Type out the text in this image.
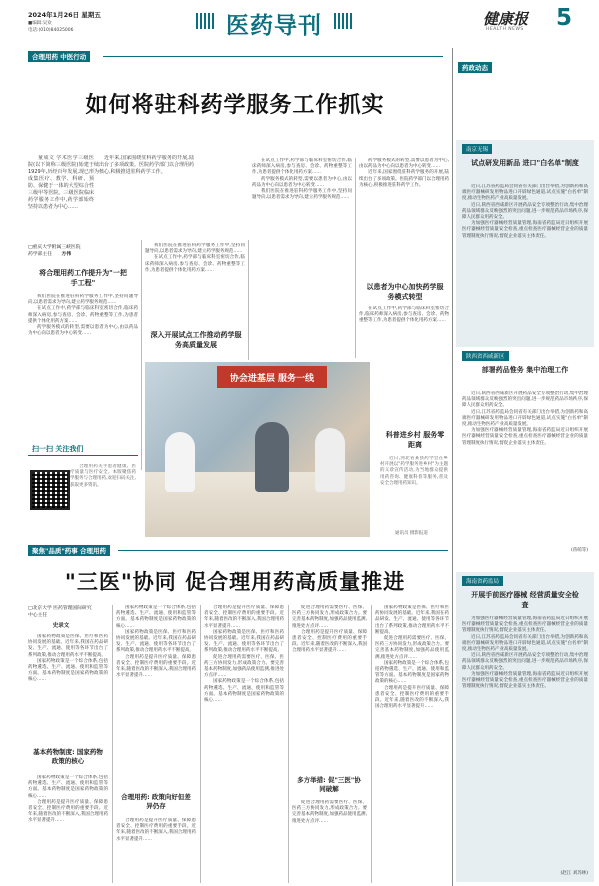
2024年1月26日 星期五
■编辑:吴欢
电话:(010)84025006	医药导刊	健康报
HEALTH NEWS 5
合理用药 中医行动
如何将驻科药学服务工作抓实

童成文 学术医学三级医院(以下简称三级医院)始建于1929年,历经百年发展,现已形成集医疗、教学、科研、预防、保健于一体的大型综合性三级甲等医院。三级医院临床药学服务工作中,药学部始终坚持以患者为中心……

近年来,国家围绕驻科药学服务的开展,陆续出台了多项政策。医院药学部门以合理用药为核心,积极推进驻科药学工作。

□重庆大学附属三峡医院
药学部主任 方伟
将合理用药工作提升为"一把手工程"

我们医院在推进驻科药学服务工作中,坚持问题导向,以患者需求为导向,建立药学服务规范……

在试点工作中,药学部与临床科室密切合作,临床药师深入病房,参与查房、会诊、药物重整等工作,为患者提供个体化用药方案……

药学服务模式的转型,需要以患者为中心,由以药品为中心向以患者为中心转变……

扫一扫 关注我们

合理用药关乎患者健康、医疗质量与医疗安全。本版聚焦药学服务与合理用药,欢迎扫码关注,获取更多资讯。

我们医院在推进驻科药学服务工作中,坚持问题导向,以患者需求为导向,建立药学服务规范……

在试点工作中,药学部与临床科室密切合作,临床药师深入病房,参与查房、会诊、药物重整等工作,为患者提供个体化用药方案……

深入开展试点工作推动药学服务高质量发展

在试点工作中,药学部与临床科室密切合作,临床药师深入病房,参与查房、会诊、药物重整等工作,为患者提供个体化用药方案……

药学服务模式的转型,需要以患者为中心,由以药品为中心向以患者为中心转变……

我们医院在推进驻科药学服务工作中,坚持问题导向,以患者需求为导向,建立药学服务规范……

药学服务模式的转型,需要以患者为中心,由以药品为中心向以患者为中心转变……

近年来,国家围绕驻科药学服务的开展,陆续出台了多项政策。医院药学部门以合理用药为核心,积极推进驻科药学工作。

以患者为中心加快药学服务模式转型

在试点工作中,药学部与临床科室密切合作,临床药师深入病房,参与查房、会诊、药物重整等工作,为患者提供个体化用药方案……

协会进基层 服务一线
科普进乡村 服务零距离

近日,河北省某县药学会在乡村开展以"药学服务进乡村"为主题的义诊宣传活动,为当地群众提供用药咨询、健康科普等服务,普及安全合理用药知识。

通讯员 摄影报道
药政动态
南京无锡
试点研发用新品 进口"白名单"制度

近日,江苏省药监局会同省有关部门出台举措,为创新药和高端医疗器械研发用物品进口开辟绿色通道,试点实施"白名单"制度,推动生物医药产业高质量发展。

近日,陕西省西咸新区开展药品安全专项整治行动,集中治理药品领域群众反映强烈的突出问题,进一步规范药品市场秩序,保障人民群众用药安全。

为加强医疗器械经营质量管理,海南省药监局近日组织开展医疗器械经营质量安全检查,重点检查医疗器械经营企业的质量管理制度执行情况,督促企业落实主体责任。

陕西省西咸新区
部署药品惟务 集中治理工作

近日,陕西省西咸新区开展药品安全专项整治行动,集中治理药品领域群众反映强烈的突出问题,进一步规范药品市场秩序,保障人民群众用药安全。

近日,江苏省药监局会同省有关部门出台举措,为创新药和高端医疗器械研发用物品进口开辟绿色通道,试点实施"白名单"制度,推动生物医药产业高质量发展。

为加强医疗器械经营质量管理,海南省药监局近日组织开展医疗器械经营质量安全检查,重点检查医疗器械经营企业的质量管理制度执行情况,督促企业落实主体责任。

(蒋萌等)
海南省药监局
开展手前医疗器械 经营质量安全检查

为加强医疗器械经营质量管理,海南省药监局近日组织开展医疗器械经营质量安全检查,重点检查医疗器械经营企业的质量管理制度执行情况,督促企业落实主体责任。

近日,江苏省药监局会同省有关部门出台举措,为创新药和高端医疗器械研发用物品进口开辟绿色通道,试点实施"白名单"制度,推动生物医药产业高质量发展。

近日,陕西省西咸新区开展药品安全专项整治行动,集中治理药品领域群众反映强烈的突出问题,进一步规范药品市场秩序,保障人民群众用药安全。

为加强医疗器械经营质量管理,海南省药监局近日组织开展医疗器械经营质量安全检查,重点检查医疗器械经营企业的质量管理制度执行情况,督促企业落实主体责任。

(赵江 刘苏林)
聚焦"品质"药事 合理用药
"三医"协同 促合理用药高质量推进
□北京大学 医药管理国际研究中心主任
史录文

国家药物政策是医保、医疗和医药协同发展的基础。近年来,我国在药品研发、生产、流通、使用等各环节出台了系列政策,推动合理用药水平不断提高。

国家药物政策是一个综合体系,包括药物遴选、生产、流通、使用和监管等方面。基本药物制度是国家药物政策的核心……

基本药物制度: 国家药物政策的核心

国家药物政策是一个综合体系,包括药物遴选、生产、流通、使用和监管等方面。基本药物制度是国家药物政策的核心……

合理用药是提升医疗质量、保障患者安全、控制医疗费用的重要手段。近年来,随着医改的不断深入,我国合理用药水平显著提升……

国家药物政策是一个综合体系,包括药物遴选、生产、流通、使用和监管等方面。基本药物制度是国家药物政策的核心……

国家药物政策是医保、医疗和医药协同发展的基础。近年来,我国在药品研发、生产、流通、使用等各环节出台了系列政策,推动合理用药水平不断提高。

合理用药是提升医疗质量、保障患者安全、控制医疗费用的重要手段。近年来,随着医改的不断深入,我国合理用药水平显著提升……

合理用药: 政策向好但差异仍存

合理用药是提升医疗质量、保障患者安全、控制医疗费用的重要手段。近年来,随着医改的不断深入,我国合理用药水平显著提升……

合理用药是提升医疗质量、保障患者安全、控制医疗费用的重要手段。近年来,随着医改的不断深入,我国合理用药水平显著提升……

国家药物政策是医保、医疗和医药协同发展的基础。近年来,我国在药品研发、生产、流通、使用等各环节出台了系列政策,推动合理用药水平不断提高。

促进合理用药需要医疗、医保、医药三方协同发力,形成政策合力。要完善基本药物制度,加强药品使用监测,推进处方点评……

国家药物政策是一个综合体系,包括药物遴选、生产、流通、使用和监管等方面。基本药物制度是国家药物政策的核心……

促进合理用药需要医疗、医保、医药三方协同发力,形成政策合力。要完善基本药物制度,加强药品使用监测,推进处方点评……

合理用药是提升医疗质量、保障患者安全、控制医疗费用的重要手段。近年来,随着医改的不断深入,我国合理用药水平显著提升……

多方举措: 促"三医"协同破解

促进合理用药需要医疗、医保、医药三方协同发力,形成政策合力。要完善基本药物制度,加强药品使用监测,推进处方点评……

国家药物政策是医保、医疗和医药协同发展的基础。近年来,我国在药品研发、生产、流通、使用等各环节出台了系列政策,推动合理用药水平不断提高。

促进合理用药需要医疗、医保、医药三方协同发力,形成政策合力。要完善基本药物制度,加强药品使用监测,推进处方点评……

国家药物政策是一个综合体系,包括药物遴选、生产、流通、使用和监管等方面。基本药物制度是国家药物政策的核心……

合理用药是提升医疗质量、保障患者安全、控制医疗费用的重要手段。近年来,随着医改的不断深入,我国合理用药水平显著提升……
